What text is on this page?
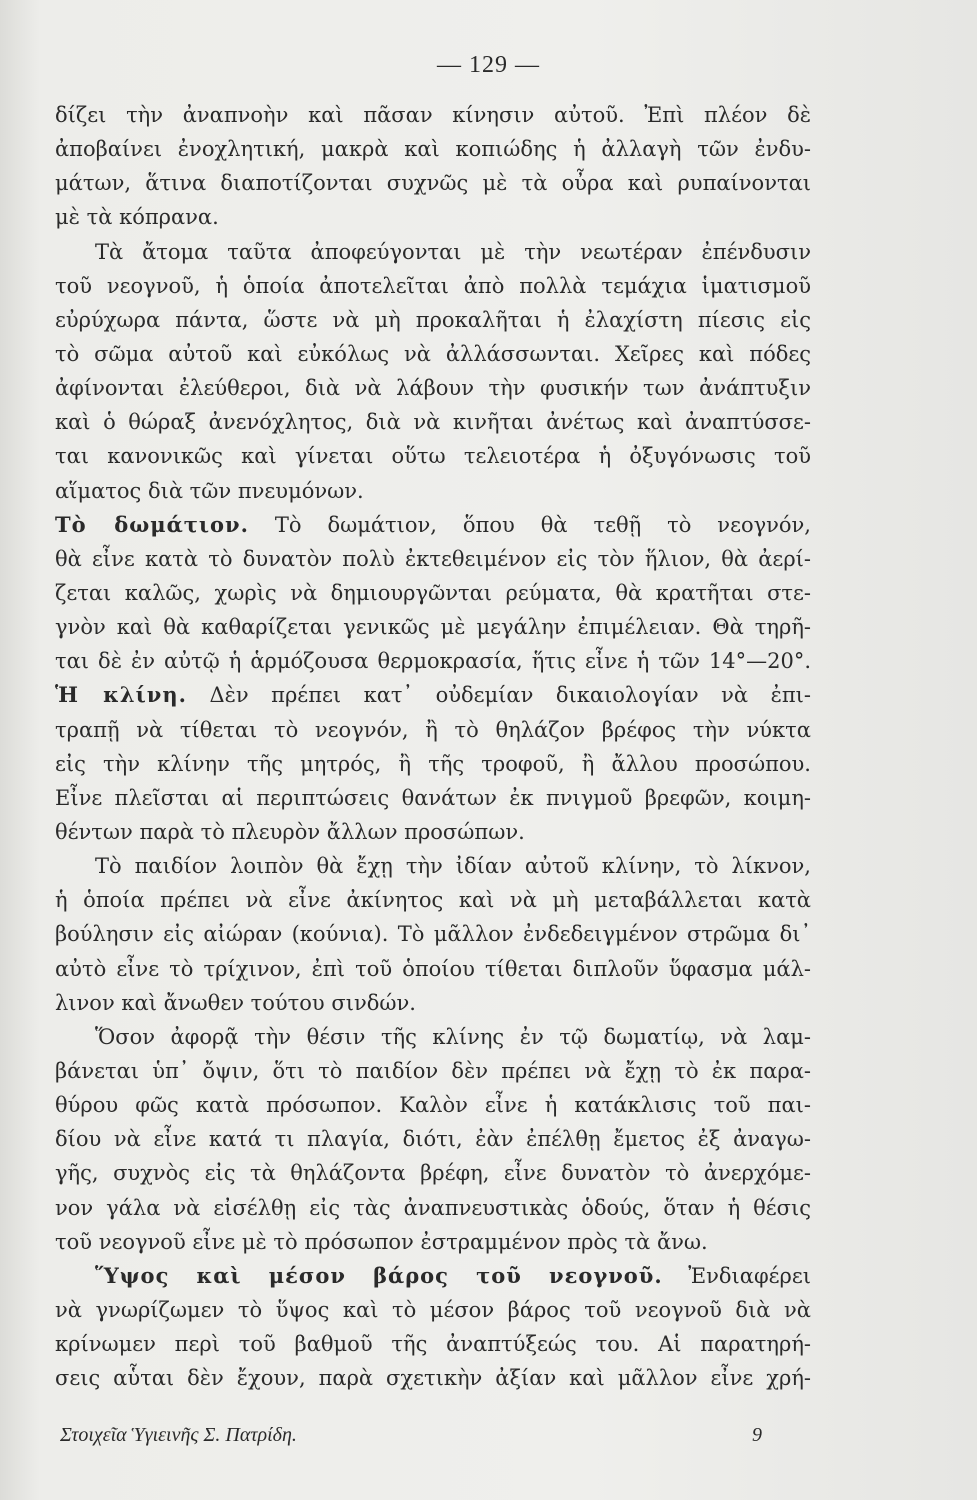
— 129 —
δίζει τὴν ἀναπνοὴν καὶ πᾶσαν κίνησιν αὐτοῦ. Ἐπὶ πλέον δὲ
ἀποβαίνει ἐνοχλητική, μακρὰ καὶ κοπιώδης ἡ ἀλλαγὴ τῶν ἐνδυ-
μάτων, ἅτινα διαποτίζονται συχνῶς μὲ τὰ οὖρα καὶ ρυπαίνονται
μὲ τὰ κόπρανα.
Τὰ ἄτομα ταῦτα ἀποφεύγονται μὲ τὴν νεωτέραν ἐπένδυσιν
τοῦ νεογνοῦ, ἡ ὁποία ἀποτελεῖται ἀπὸ πολλὰ τεμάχια ἱματισμοῦ
εὐρύχωρα πάντα, ὥστε νὰ μὴ προκαλῆται ἡ ἐλαχίστη πίεσις εἰς
τὸ σῶμα αὐτοῦ καὶ εὐκόλως νὰ ἀλλάσσωνται. Χεῖρες καὶ πόδες
ἀφίνονται ἐλεύθεροι, διὰ νὰ λάβουν τὴν φυσικήν των ἀνάπτυξιν
καὶ ὁ θώραξ ἀνενόχλητος, διὰ νὰ κινῆται ἀνέτως καὶ ἀναπτύσσε-
ται κανονικῶς καὶ γίνεται οὕτω τελειοτέρα ἡ ὀξυγόνωσις τοῦ
αἵματος διὰ τῶν πνευμόνων.
Τὸ δωμάτιον. Τὸ δωμάτιον, ὅπου θὰ τεθῇ τὸ νεογνόν,
θὰ εἶνε κατὰ τὸ δυνατὸν πολὺ ἐκτεθειμένον εἰς τὸν ἥλιον, θὰ ἀερί-
ζεται καλῶς, χωρὶς νὰ δημιουργῶνται ρεύματα, θὰ κρατῆται στε-
γνὸν καὶ θὰ καθαρίζεται γενικῶς μὲ μεγάλην ἐπιμέλειαν. Θὰ τηρῆ-
ται δὲ ἐν αὐτῷ ἡ ἁρμόζουσα θερμοκρασία, ἥτις εἶνε ἡ τῶν 14°—20°.
Ἡ κλίνη. Δὲν πρέπει κατ᾽ οὐδεμίαν δικαιολογίαν νὰ ἐπι-
τραπῇ νὰ τίθεται τὸ νεογνόν, ἢ τὸ θηλάζον βρέφος τὴν νύκτα
εἰς τὴν κλίνην τῆς μητρός, ἢ τῆς τροφοῦ, ἢ ἄλλου προσώπου.
Εἶνε πλεῖσται αἱ περιπτώσεις θανάτων ἐκ πνιγμοῦ βρεφῶν, κοιμη-
θέντων παρὰ τὸ πλευρὸν ἄλλων προσώπων.
Τὸ παιδίον λοιπὸν θὰ ἔχῃ τὴν ἰδίαν αὐτοῦ κλίνην, τὸ λίκνον,
ἡ ὁποία πρέπει νὰ εἶνε ἀκίνητος καὶ νὰ μὴ μεταβάλλεται κατὰ
βούλησιν εἰς αἰώραν (κούνια). Τὸ μᾶλλον ἐνδεδειγμένον στρῶμα δι᾽
αὐτὸ εἶνε τὸ τρίχινον, ἐπὶ τοῦ ὁποίου τίθεται διπλοῦν ὕφασμα μάλ-
λινον καὶ ἄνωθεν τούτου σινδών.
Ὅσον ἀφορᾷ τὴν θέσιν τῆς κλίνης ἐν τῷ δωματίῳ, νὰ λαμ-
βάνεται ὑπ᾽ ὄψιν, ὅτι τὸ παιδίον δὲν πρέπει νὰ ἔχῃ τὸ ἐκ παρα-
θύρου φῶς κατὰ πρόσωπον. Καλὸν εἶνε ἡ κατάκλισις τοῦ παι-
δίου νὰ εἶνε κατά τι πλαγία, διότι, ἐὰν ἐπέλθῃ ἔμετος ἐξ ἀναγω-
γῆς, συχνὸς εἰς τὰ θηλάζοντα βρέφη, εἶνε δυνατὸν τὸ ἀνερχόμε-
νον γάλα νὰ εἰσέλθῃ εἰς τὰς ἀναπνευστικὰς ὁδούς, ὅταν ἡ θέσις
τοῦ νεογνοῦ εἶνε μὲ τὸ πρόσωπον ἐστραμμένον πρὸς τὰ ἄνω.
Ὕψος καὶ μέσον βάρος τοῦ νεογνοῦ. Ἐνδιαφέρει
νὰ γνωρίζωμεν τὸ ὕψος καὶ τὸ μέσον βάρος τοῦ νεογνοῦ διὰ νὰ
κρίνωμεν περὶ τοῦ βαθμοῦ τῆς ἀναπτύξεώς του. Αἱ παρατηρή-
σεις αὗται δὲν ἔχουν, παρὰ σχετικὴν ἀξίαν καὶ μᾶλλον εἶνε χρή-
Στοιχεῖα Ὑγιεινῆς Σ. Πατρίδη.	9
